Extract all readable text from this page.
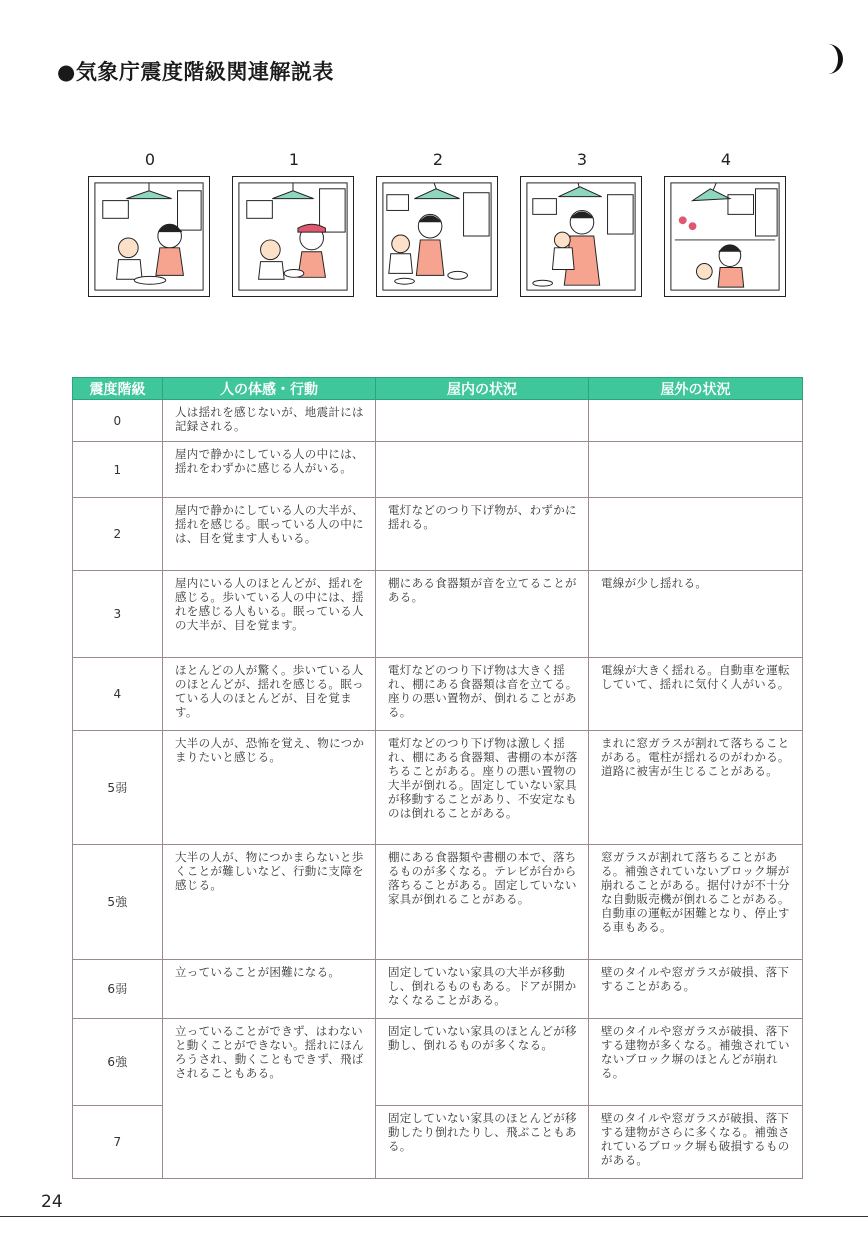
●気象庁震度階級関連解説表
0	1	2	3	4
震度階級	人の体感・行動	屋内の状況	屋外の状況
0	人は揺れを感じないが、地震計には記録される。		
1	屋内で静かにしている人の中には、揺れをわずかに感じる人がいる。		
2	屋内で静かにしている人の大半が、揺れを感じる。眠っている人の中には、目を覚ます人もいる。	電灯などのつり下げ物が、わずかに揺れる。	
3	屋内にいる人のほとんどが、揺れを感じる。歩いている人の中には、揺れを感じる人もいる。眠っている人の大半が、目を覚ます。	棚にある食器類が音を立てることがある。	電線が少し揺れる。
4	ほとんどの人が驚く。歩いている人のほとんどが、揺れを感じる。眠っている人のほとんどが、目を覚ます。	電灯などのつり下げ物は大きく揺れ、棚にある食器類は音を立てる。座りの悪い置物が、倒れることがある。	電線が大きく揺れる。自動車を運転していて、揺れに気付く人がいる。
5弱	大半の人が、恐怖を覚え、物につかまりたいと感じる。	電灯などのつり下げ物は激しく揺れ、棚にある食器類、書棚の本が落ちることがある。座りの悪い置物の大半が倒れる。固定していない家具が移動することがあり、不安定なものは倒れることがある。	まれに窓ガラスが割れて落ちることがある。電柱が揺れるのがわかる。道路に被害が生じることがある。
5強	大半の人が、物につかまらないと歩くことが難しいなど、行動に支障を感じる。	棚にある食器類や書棚の本で、落ちるものが多くなる。テレビが台から落ちることがある。固定していない家具が倒れることがある。	窓ガラスが割れて落ちることがある。補強されていないブロック塀が崩れることがある。据付けが不十分な自動販売機が倒れることがある。自動車の運転が困難となり、停止する車もある。
6弱	立っていることが困難になる。	固定していない家具の大半が移動し、倒れるものもある。ドアが開かなくなることがある。	壁のタイルや窓ガラスが破損、落下することがある。
6強	立っていることができず、はわないと動くことができない。揺れにほんろうされ、動くこともできず、飛ばされることもある。	固定していない家具のほとんどが移動し、倒れるものが多くなる。	壁のタイルや窓ガラスが破損、落下する建物が多くなる。補強されていないブロック塀のほとんどが崩れる。
7		固定していない家具のほとんどが移動したり倒れたりし、飛ぶこともある。	壁のタイルや窓ガラスが破損、落下する建物がさらに多くなる。補強されているブロック塀も破損するものがある。
24
